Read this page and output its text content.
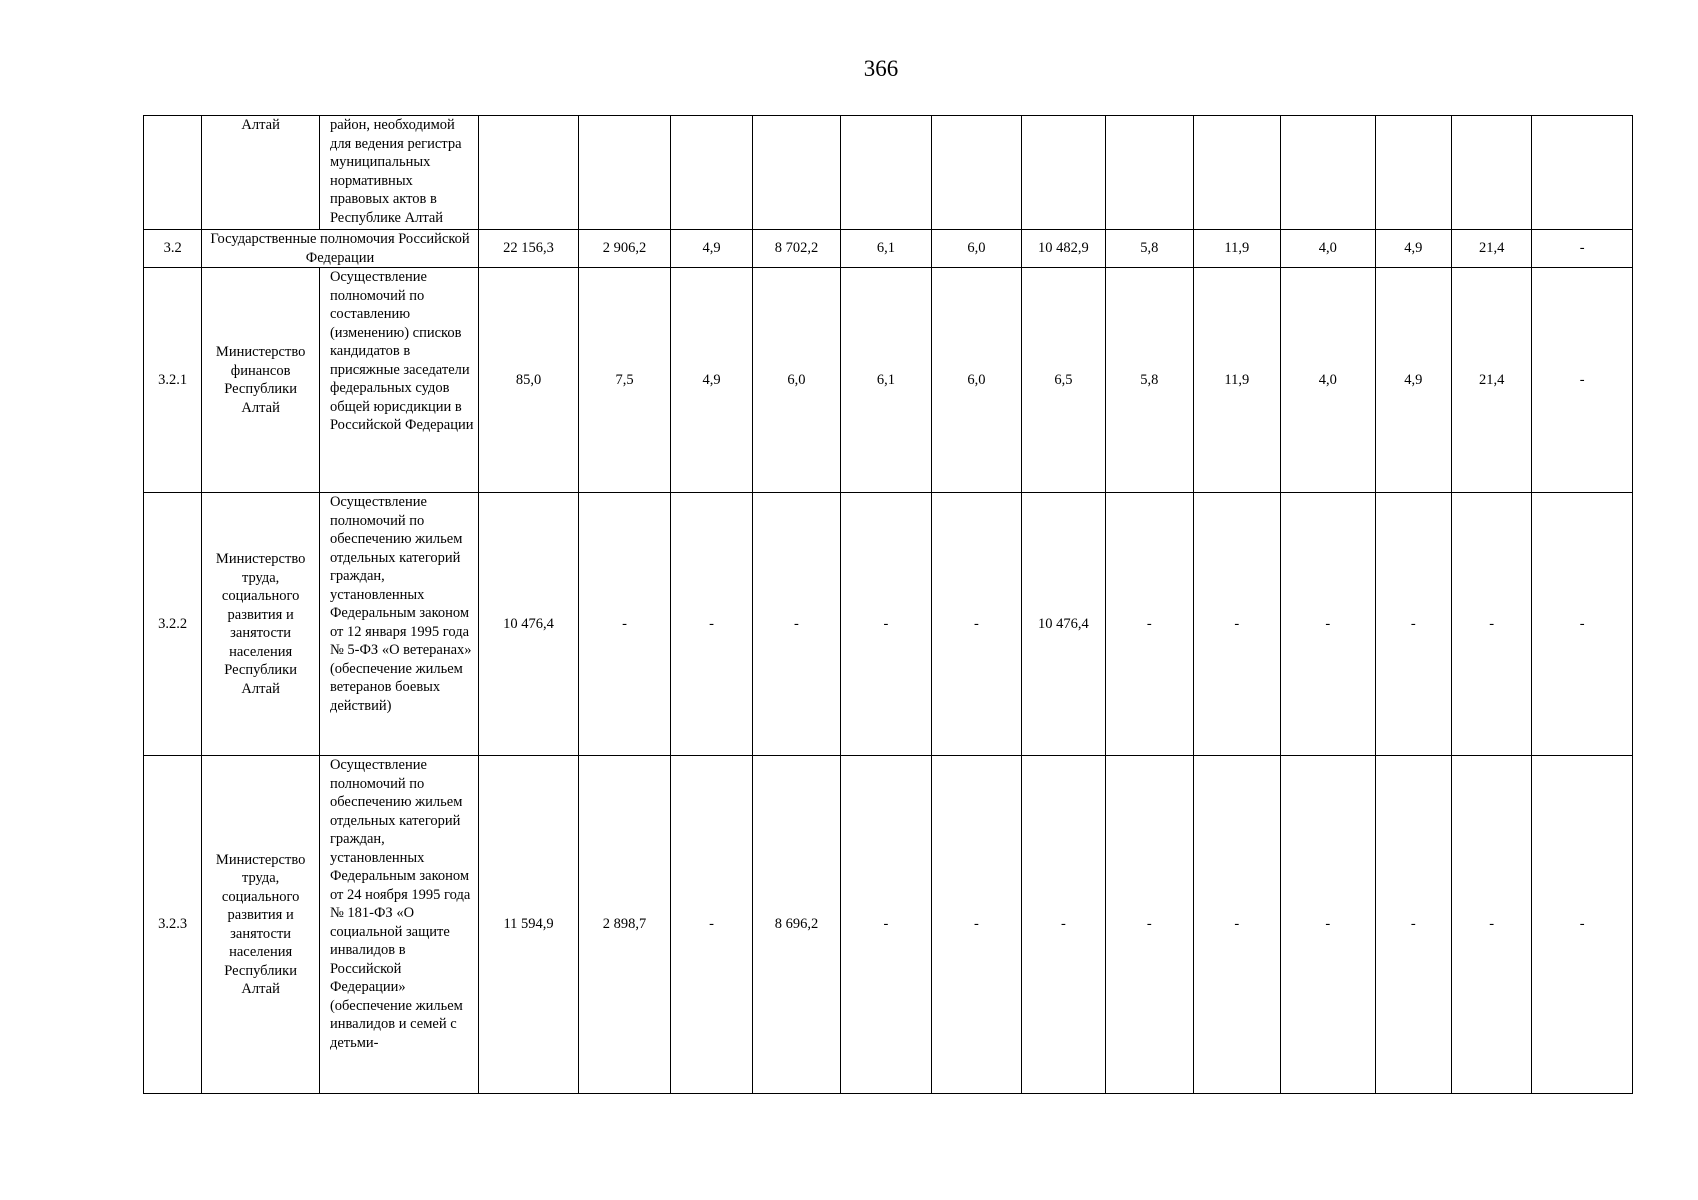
366
	Алтай	район, необходимой для ведения регистра муниципальных нормативных правовых актов в Республике Алтай													
3.2	Государственные полномочия Российской Федерации		22 156,3	2 906,2	4,9	8 702,2	6,1	6,0	10 482,9	5,8	11,9	4,0	4,9	21,4	-
3.2.1	Министерство финансов Республики Алтай	Осуществление полномочий по составлению (изменению) списков кандидатов в присяжные заседатели федеральных судов общей юрисдикции в Российской Федерации	85,0	7,5	4,9	6,0	6,1	6,0	6,5	5,8	11,9	4,0	4,9	21,4	-
3.2.2	Министерство труда, социального развития и занятости населения Республики Алтай	Осуществление полномочий по обеспечению жильем отдельных категорий граждан, установленных Федеральным законом от 12 января 1995 года № 5-ФЗ «О ветеранах» (обеспечение жильем ветеранов боевых действий)	10 476,4	-	-	-	-	-	10 476,4	-	-	-	-	-	-
3.2.3	Министерство труда, социального развития и занятости населения Республики Алтай	Осуществление полномочий по обеспечению жильем отдельных категорий граждан, установленных Федеральным законом от 24 ноября 1995 года № 181-ФЗ «О социальной защите инвалидов в Российской Федерации» (обеспечение жильем инвалидов и семей с детьми-	11 594,9	2 898,7	-	8 696,2	-	-	-	-	-	-	-	-	-
